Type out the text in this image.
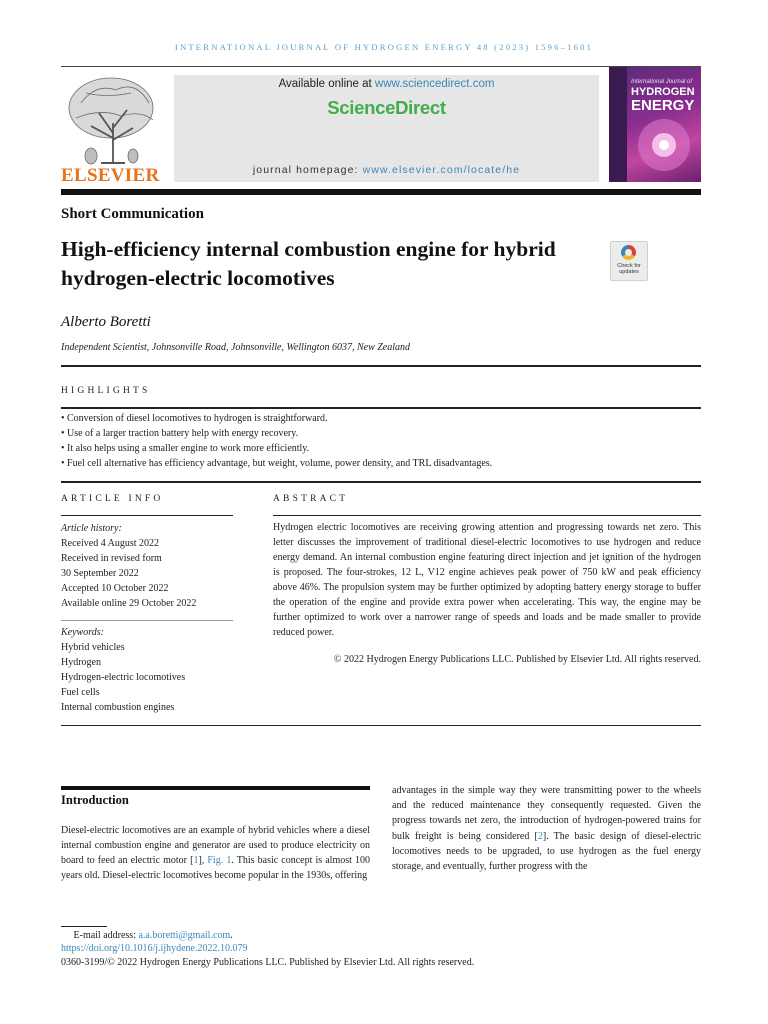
INTERNATIONAL JOURNAL OF HYDROGEN ENERGY 48 (2023) 1596–1601
ELSEVIER
Available online at www.sciencedirect.com
ScienceDirect
journal homepage: www.elsevier.com/locate/he
International Journal of
HYDROGEN
ENERGY
Short Communication
High-efficiency internal combustion engine for hybrid hydrogen-electric locomotives	Check for updates
Alberto Boretti
Independent Scientist, Johnsonville Road, Johnsonville, Wellington 6037, New Zealand
HIGHLIGHTS
• Conversion of diesel locomotives to hydrogen is straightforward.
• Use of a larger traction battery help with energy recovery.
• It also helps using a smaller engine to work more efficiently.
• Fuel cell alternative has efficiency advantage, but weight, volume, power density, and TRL disadvantages.
ARTICLE INFO	ABSTRACT
Article history:
Received 4 August 2022
Received in revised form
30 September 2022
Accepted 10 October 2022
Available online 29 October 2022
Keywords:
Hybrid vehicles
Hydrogen
Hydrogen-electric locomotives
Fuel cells
Internal combustion engines
Hydrogen electric locomotives are receiving growing attention and progressing towards net zero. This letter discusses the improvement of traditional diesel-electric locomotives to use hydrogen and reduce energy demand. An internal combustion engine featuring direct injection and jet ignition of the hydrogen is proposed. The four-strokes, 12 L, V12 engine achieves peak power of 750 kW and peak efficiency above 46%. The propulsion system may be further optimized by adopting battery energy storage to buffer the operation of the engine and provide extra power when accelerating. This way, the engine may be further optimized to work over a narrower range of speeds and loads and be made smaller to provide reduced power.
© 2022 Hydrogen Energy Publications LLC. Published by Elsevier Ltd. All rights reserved.
Introduction
Diesel-electric locomotives are an example of hybrid vehicles where a diesel internal combustion engine and generator are used to produce electricity on board to feed an electric motor [1], Fig. 1. This basic concept is almost 100 years old. Diesel-electric locomotives become popular in the 1930s, offering
advantages in the simple way they were transmitting power to the wheels and the reduced maintenance they consequently requested. Given the progress towards net zero, the introduction of hydrogen-powered trains for bulk freight is being considered [2]. The basic design of diesel-electric locomotives needs to be upgraded, to use hydrogen as the fuel energy storage, and eventually, further progress with the
E-mail address: a.a.boretti@gmail.com.
https://doi.org/10.1016/j.ijhydene.2022.10.079
0360-3199/© 2022 Hydrogen Energy Publications LLC. Published by Elsevier Ltd. All rights reserved.
